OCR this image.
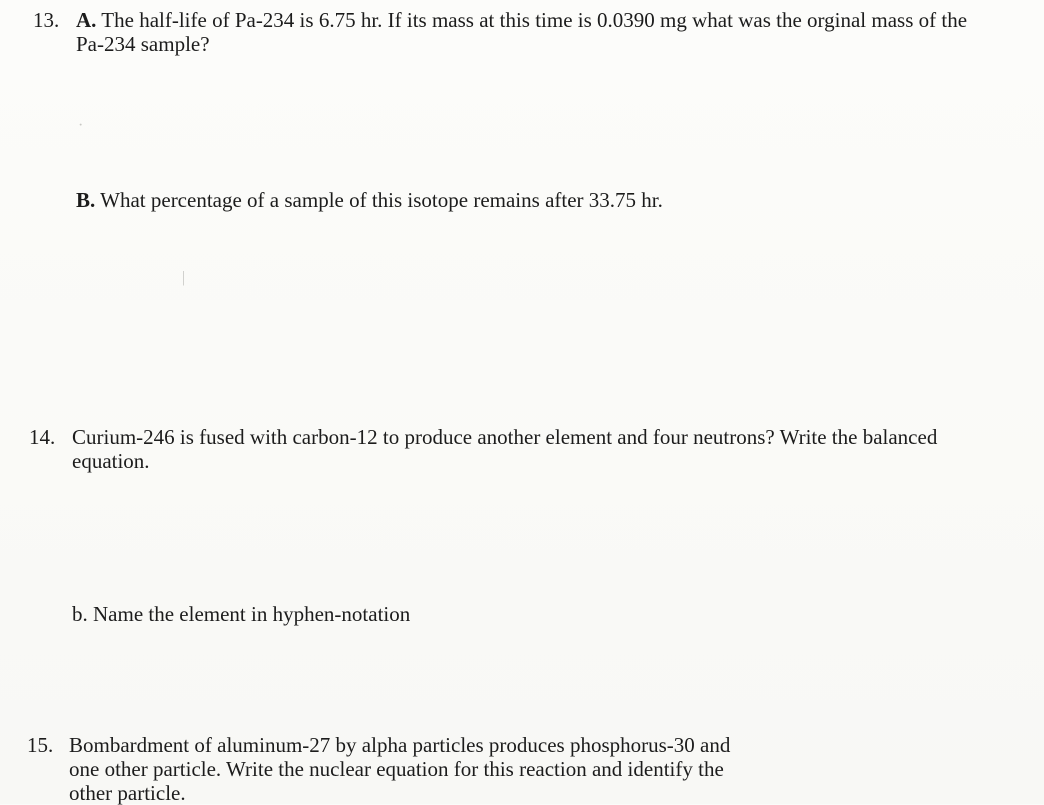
13. A. The half-life of Pa-234 is 6.75 hr. If its mass at this time is 0.0390 mg what was the orginal mass of the
Pa-234 sample?
B. What percentage of a sample of this isotope remains after 33.75 hr.
14. Curium-246 is fused with carbon-12 to produce another element and four neutrons? Write the balanced
equation.
b. Name the element in hyphen-notation
15. Bombardment of aluminum-27 by alpha particles produces phosphorus-30 and
one other particle. Write the nuclear equation for this reaction and identify the
other particle.
|
·
